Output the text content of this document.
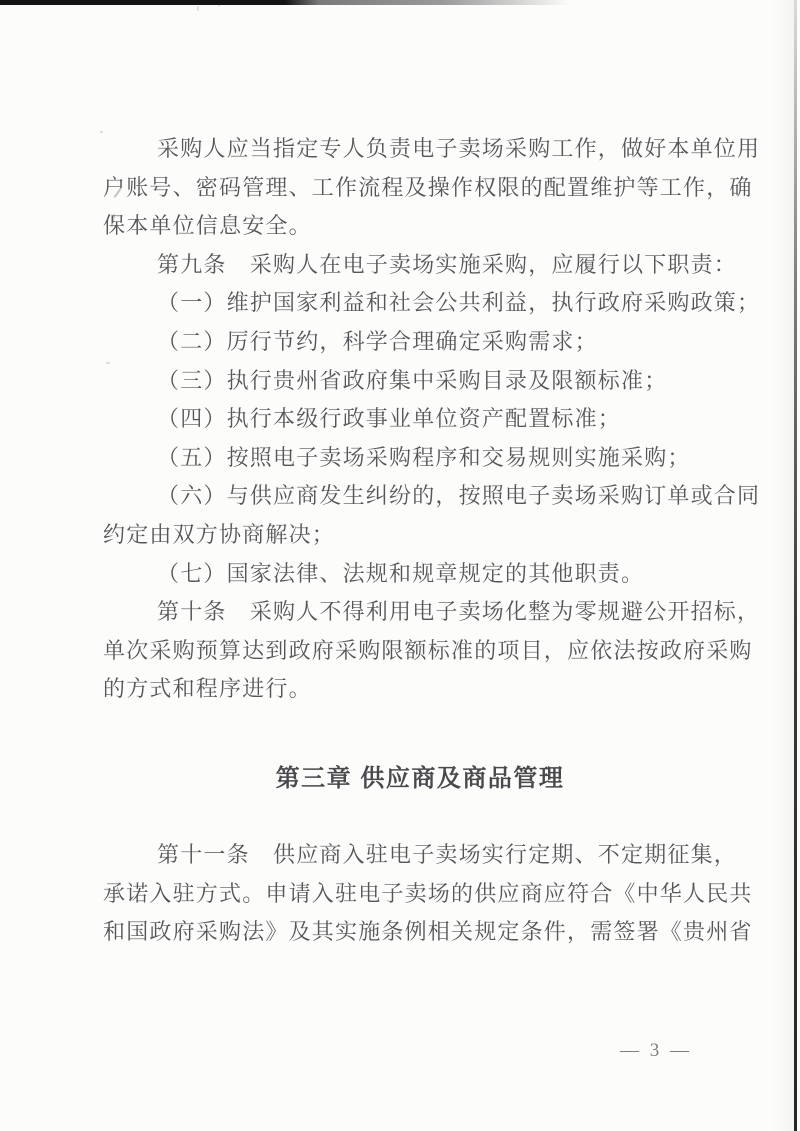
采购人应当指定专人负责电子卖场采购工作，做好本单位用
户账号、密码管理、工作流程及操作权限的配置维护等工作，确
保本单位信息安全。
第九条　采购人在电子卖场实施采购，应履行以下职责：
（一）维护国家利益和社会公共利益，执行政府采购政策；
（二）厉行节约，科学合理确定采购需求；
（三）执行贵州省政府集中采购目录及限额标准；
（四）执行本级行政事业单位资产配置标准；
（五）按照电子卖场采购程序和交易规则实施采购；
（六）与供应商发生纠纷的，按照电子卖场采购订单或合同
约定由双方协商解决；
（七）国家法律、法规和规章规定的其他职责。
第十条　采购人不得利用电子卖场化整为零规避公开招标，
单次采购预算达到政府采购限额标准的项目，应依法按政府采购
的方式和程序进行。
第三章 供应商及商品管理
第十一条　供应商入驻电子卖场实行定期、不定期征集，
承诺入驻方式。申请入驻电子卖场的供应商应符合《中华人民共
和国政府采购法》及其实施条例相关规定条件，需签署《贵州省
— 3 —
